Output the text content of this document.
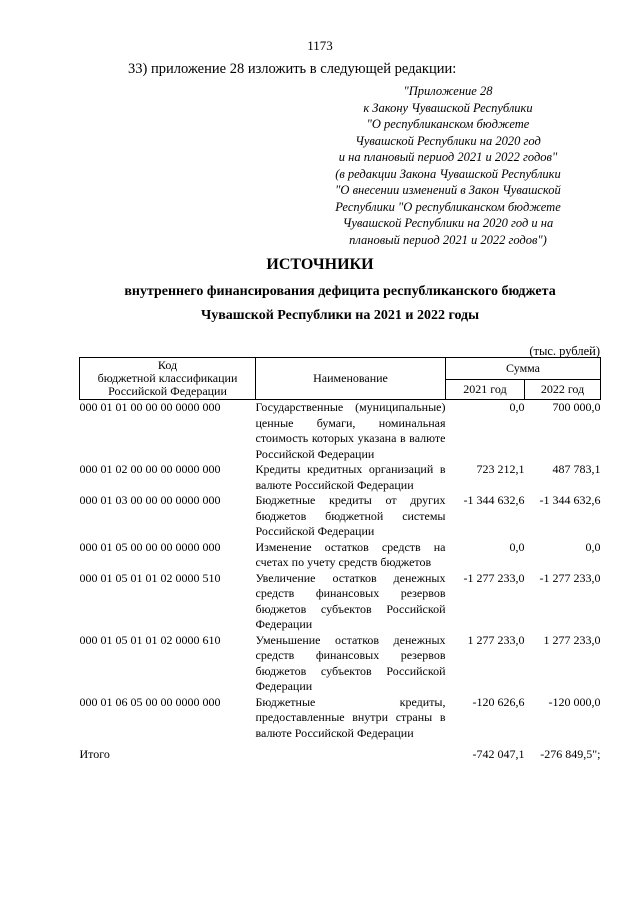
1173
33) приложение 28 изложить в следующей редакции:
"Приложение 28
к Закону Чувашской Республики
"О республиканском бюджете
Чувашской Республики на 2020 год
и на плановый период 2021 и 2022 годов"
(в редакции Закона Чувашской Республики
"О внесении изменений в Закон Чувашской
Республики "О республиканском бюджете
Чувашской Республики на 2020 год и на
плановый период 2021 и 2022 годов")
ИСТОЧНИКИ
внутреннего финансирования дефицита республиканского бюджета
Чувашской Республики на 2021 и 2022 годы
(тыс. рублей)
Код
бюджетной классификации
Российской Федерации	Наименование	Сумма	
		2021 год	2022 год
000 01 01 00 00 00 0000 000	Государственные (муниципальные) ценные бумаги, номинальная стоимость которых указана в валюте Российской Федерации	0,0	700 000,0
000 01 02 00 00 00 0000 000	Кредиты кредитных организаций в валюте Российской Федерации	723 212,1	487 783,1
000 01 03 00 00 00 0000 000	Бюджетные кредиты от других бюджетов бюджетной системы Российской Федерации	-1 344 632,6	-1 344 632,6
000 01 05 00 00 00 0000 000	Изменение остатков средств на счетах по учету средств бюджетов	0,0	0,0
000 01 05 01 01 02 0000 510	Увеличение остатков денежных средств финансовых резервов бюджетов субъектов Российской Федерации	-1 277 233,0	-1 277 233,0
000 01 05 01 01 02 0000 610	Уменьшение остатков денежных средств финансовых резервов бюджетов субъектов Российской Федерации	1 277 233,0	1 277 233,0
000 01 06 05 00 00 0000 000	Бюджетные кредиты, предоставленные внутри страны в валюте Российской Федерации	-120 626,6	-120 000,0
Итого		-742 047,1	-276 849,5";
